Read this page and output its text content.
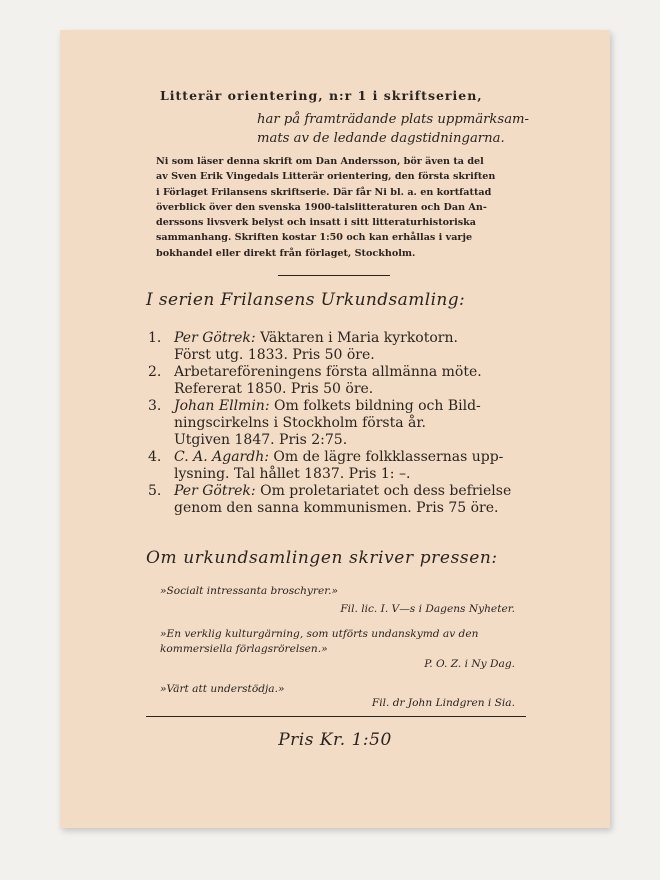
Litterär orientering, n:r 1 i skriftserien,
har på framträdande plats uppmärksam-
mats av de ledande dagstidningarna.
Ni som läser denna skrift om Dan Andersson, bör även ta del
av Sven Erik Vingedals Litterär orientering, den första skriften
i Förlaget Frilansens skriftserie. Där får Ni bl. a. en kortfattad
överblick över den svenska 1900-talslitteraturen och Dan An-
derssons livsverk belyst och insatt i sitt litteraturhistoriska
sammanhang. Skriften kostar 1:50 och kan erhållas i varje
bokhandel eller direkt från förlaget, Stockholm.
I serien Frilansens Urkundsamling:
1. Per Götrek: Väktaren i Maria kyrkotorn.
Först utg. 1833. Pris 50 öre.
2. Arbetareföreningens första allmänna möte.
Refererat 1850. Pris 50 öre.
3. Johan Ellmin: Om folkets bildning och Bild-
ningscirkelns i Stockholm första år.
Utgiven 1847. Pris 2:75.
4. C. A. Agardh: Om de lägre folkklassernas upp-
lysning. Tal hållet 1837. Pris 1: –.
5. Per Götrek: Om proletariatet och dess befrielse
genom den sanna kommunismen. Pris 75 öre.
Om urkundsamlingen skriver pressen:
»Socialt intressanta broschyrer.»
Fil. lic. I. V—s i Dagens Nyheter.
»En verklig kulturgärning, som utförts undanskymd av den
kommersiella förlagsrörelsen.»
P. O. Z. i Ny Dag.
»Värt att understödja.»
Fil. dr John Lindgren i Sia.
Pris Kr. 1:50
